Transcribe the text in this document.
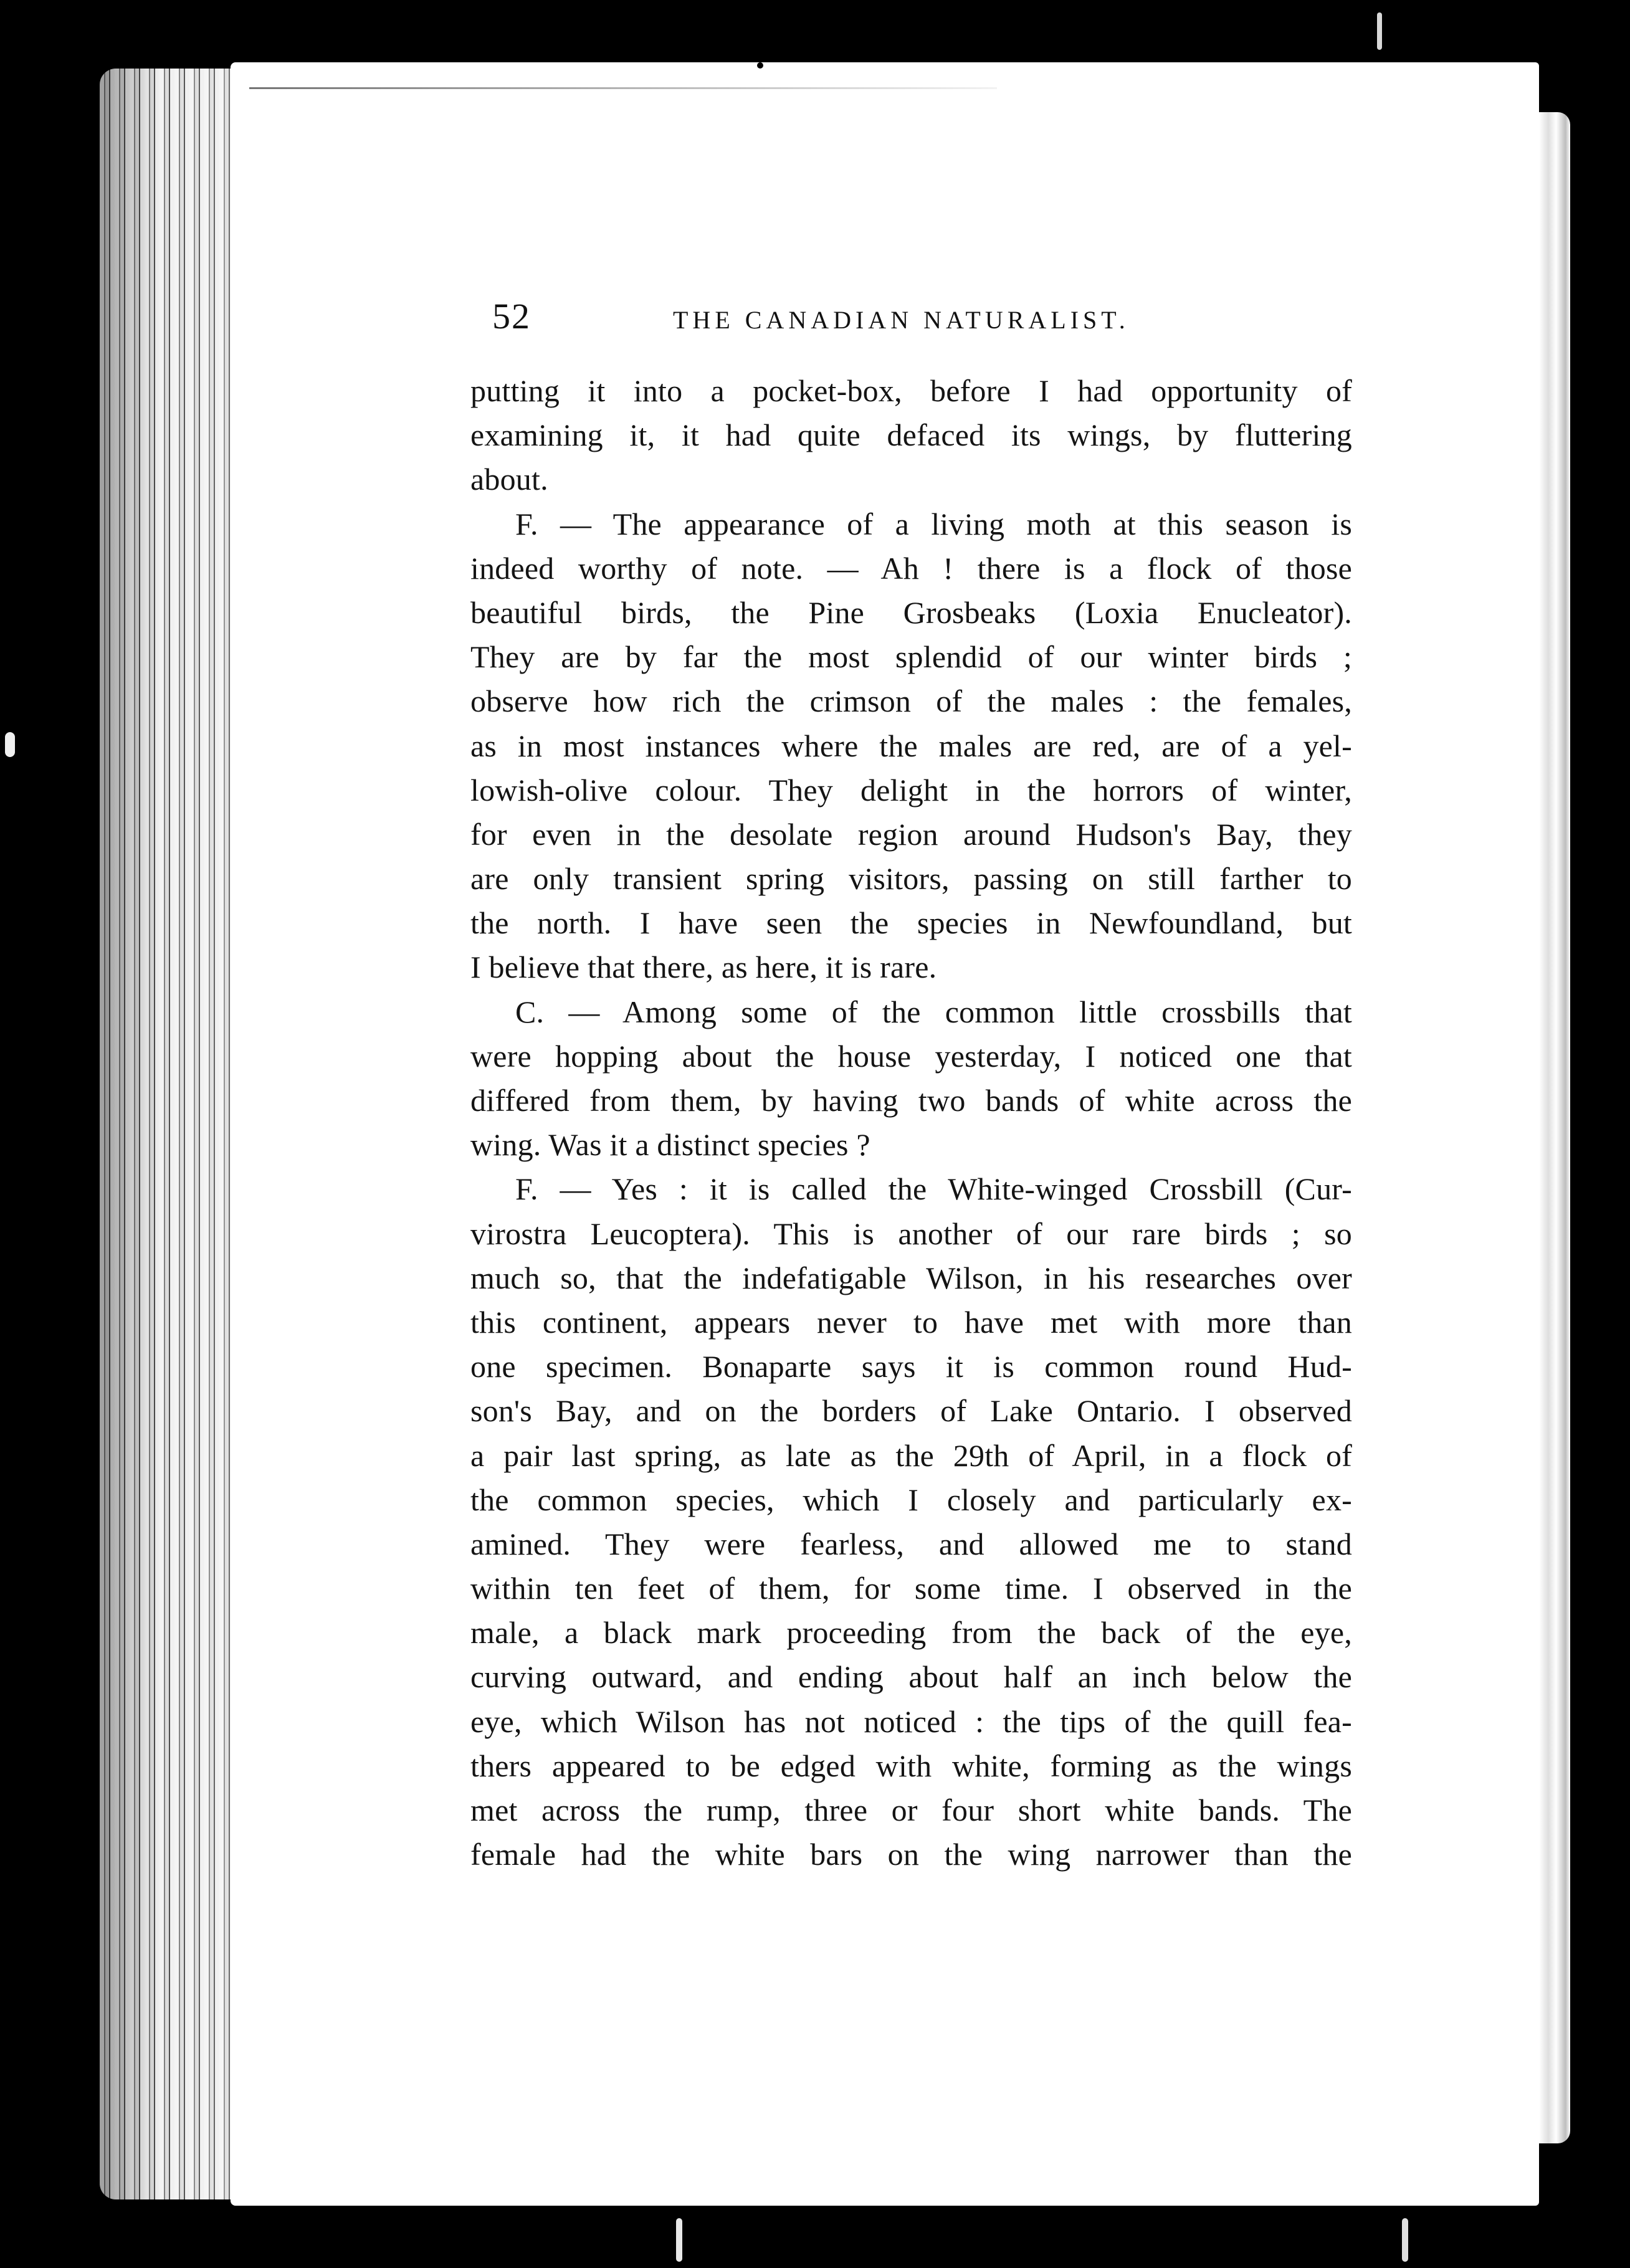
52	THE CANADIAN NATURALIST.
putting it into a pocket-box, before I had opportunity of
examining it, it had quite defaced its wings, by fluttering
about.
F. — The appearance of a living moth at this season is
indeed worthy of note. — Ah ! there is a flock of those
beautiful birds, the Pine Grosbeaks (Loxia Enucleator).
They are by far the most splendid of our winter birds ;
observe how rich the crimson of the males : the females,
as in most instances where the males are red, are of a yel-
lowish-olive colour. They delight in the horrors of winter,
for even in the desolate region around Hudson's Bay, they
are only transient spring visitors, passing on still farther to
the north. I have seen the species in Newfoundland, but
I believe that there, as here, it is rare.
C. — Among some of the common little crossbills that
were hopping about the house yesterday, I noticed one that
differed from them, by having two bands of white across the
wing. Was it a distinct species ?
F. — Yes : it is called the White-winged Crossbill (Cur-
virostra Leucoptera). This is another of our rare birds ; so
much so, that the indefatigable Wilson, in his researches over
this continent, appears never to have met with more than
one specimen. Bonaparte says it is common round Hud-
son's Bay, and on the borders of Lake Ontario. I observed
a pair last spring, as late as the 29th of April, in a flock of
the common species, which I closely and particularly ex-
amined. They were fearless, and allowed me to stand
within ten feet of them, for some time. I observed in the
male, a black mark proceeding from the back of the eye,
curving outward, and ending about half an inch below the
eye, which Wilson has not noticed : the tips of the quill fea-
thers appeared to be edged with white, forming as the wings
met across the rump, three or four short white bands. The
female had the white bars on the wing narrower than the
